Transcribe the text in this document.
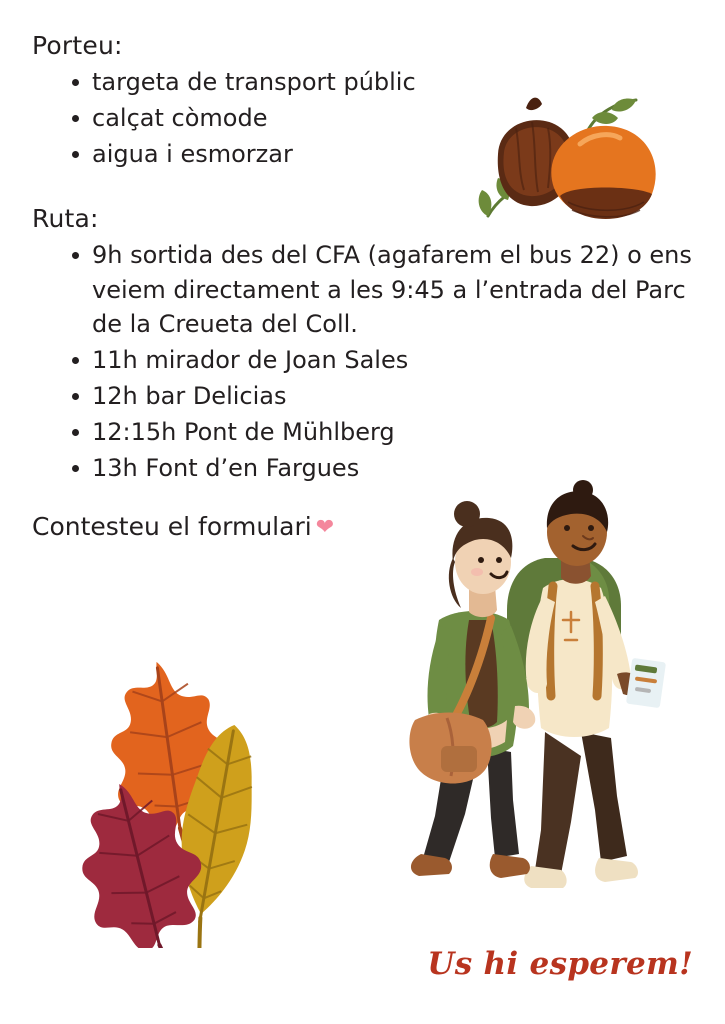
Porteu:
targeta de transport públic
calçat còmode
aigua i esmorzar
Ruta:
9h sortida des del CFA (agafarem el bus 22) o ens veiem directament a les 9:45 a l’entrada del Parc de la Creueta del Coll.
11h mirador de Joan Sales
12h bar Delicias
12:15h Pont de Mühlberg
13h Font d’en Fargues
Contesteu el formulari ❤
Us hi esperem!
